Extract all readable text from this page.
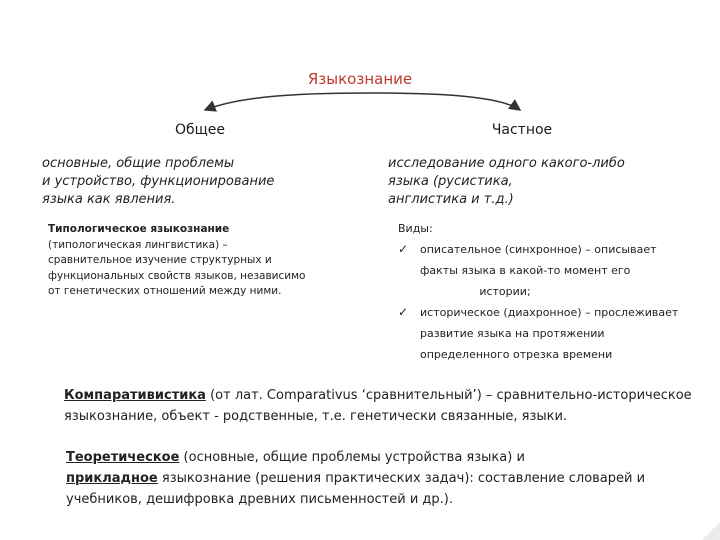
Языкознание
Общее
основные, общие проблемы
и устройство, функционирование
языка как явления.
Типологическое языкознание
(типологическая лингвистика) –
сравнительное изучение структурных и
функциональных свойств языков, независимо
от генетических отношений между ними.
Частное
исследование одного какого-либо
языка (русистика,
англистика и т.д.)
Виды:
✓ описательное (синхронное) – описывает
факты языка в какой-то момент его
истории;
✓ историческое (диахронное) – прослеживает
развитие языка на протяжении
определенного отрезка времени
Компаративистика (от лат. Comparativus ‘сравнительный’) – сравнительно-историческое
языкознание, объект - родственные, т.е. генетически связанные, языки.
Теоретическое (основные, общие проблемы устройства языка) и
прикладное языкознание (решения практических задач): составление словарей и
учебников, дешифровка древних письменностей и др.).
